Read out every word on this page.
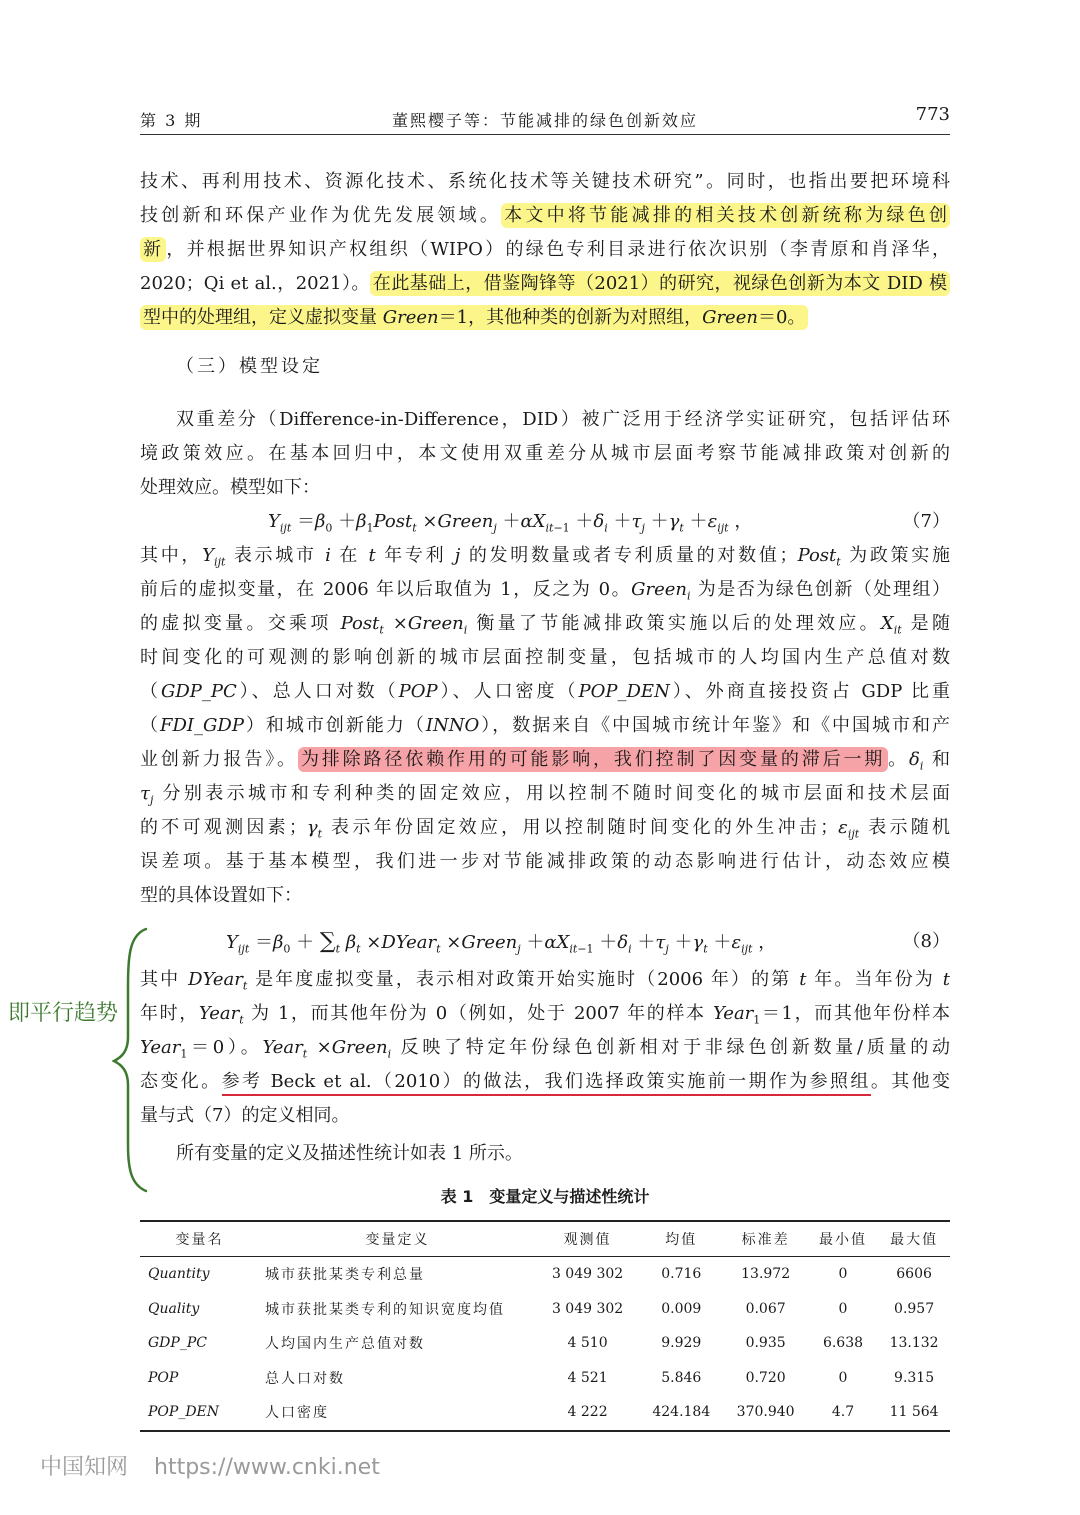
第 3 期	董熙樱子等：节能减排的绿色创新效应	773
技术、再利用技术、资源化技术、系统化技术等关键技术研究”。同时，也指出要把环境科
技创新和环保产业作为优先发展领域。 本文中将节能减排的相关技术创新统称为绿色创
新 ，并根据世界知识产权组织（WIPO）的绿色专利目录进行依次识别（李青原和肖泽华，
2020；Qi et al.，2021）。 在此基础上，借鉴陶锋等（2021）的研究，视绿色创新为本文 DID 模
型中的处理组，定义虚拟变量 Green＝1，其他种类的创新为对照组，Green＝0。
（三）模型设定
双重差分（Difference-in-Difference，DID）被广泛用于经济学实证研究，包括评估环
境政策效应。在基本回归中，本文使用双重差分从城市层面考察节能减排政策对创新的
处理效应。模型如下：
$Y_{ijt} =\beta_0$ $+\beta_1Post_t$ ×Green$_j$ $+\alpha X_{it-1} +\delta_i +\tau_j +\gamma_t +\varepsilon_{ijt}$ ，	（7）
其中，$Y_{ijt}$ 表示城市 i 在 t 年专利 j 的发明数量或者专利质量的对数值；Post$_t$ 为政策实施
前后的虚拟变量，在 2006 年以后取值为 1，反之为 0。Green$_i$ 为是否为绿色创新（处理组）
的虚拟变量。交乘项 Post$_t$ ×Green$_i$ 衡量了节能减排政策实施以后的处理效应。$X_{it}$ 是随
时间变化的可观测的影响创新的城市层面控制变量，包括城市的人均国内生产总值对数
（GDP_PC）、总人口对数（POP）、人口密度（POP_DEN）、外商直接投资占 GDP 比重
（FDI_GDP）和城市创新能力（INNO），数据来自《中国城市统计年鉴》和《中国城市和产
业创新力报告》。 为排除路径依赖作用的可能影响，我们控制了因变量的滞后一期 。$\delta_i$ 和
$\tau_j$ 分别表示城市和专利种类的固定效应，用以控制不随时间变化的城市层面和技术层面
的不可观测因素；$\gamma_t$ 表示年份固定效应，用以控制随时间变化的外生冲击；$\varepsilon_{ijt}$ 表示随机
误差项。基于基本模型，我们进一步对节能减排政策的动态影响进行估计，动态效应模
型的具体设置如下：
$Y_{ijt} =\beta_0 + \sum_t$ $\beta_t$ ×DYear$_t$ ×Green$_j$ $+\alpha X_{it-1} +\delta_i +\tau_j +\gamma_t +\varepsilon_{ijt}$ ，	（8）
即平行趋势
其中 DYear$_t$ 是年度虚拟变量，表示相对政策开始实施时（2006 年）的第 t 年。当年份为 t
年时，Year$_t$ 为 1，而其他年份为 0（例如，处于 2007 年的样本 Year$_1$＝1，而其他年份样本
Year$_1$＝0）。Year$_t$ ×Green$_i$ 反映了特定年份绿色创新相对于非绿色创新数量/质量的动
态变化。参考 Beck et al.（2010）的做法，我们选择政策实施前一期作为参照组。其他变
量与式（7）的定义相同。
所有变量的定义及描述性统计如表 1 所示。
表 1　变量定义与描述性统计
变量名	变量定义	观测值	均值	标准差	最小值	最大值
Quantity	城市获批某类专利总量	3 049 302	0.716	13.972	0	6606
Quality	城市获批某类专利的知识宽度均值	3 049 302	0.009	0.067	0	0.957
GDP_PC	人均国内生产总值对数	4 510	9.929	0.935	6.638	13.132
POP	总人口对数	4 521	5.846	0.720	0	9.315
POP_DEN	人口密度	4 222	424.184	370.940	4.7	11 564
中国知网 https://www.cnki.net
